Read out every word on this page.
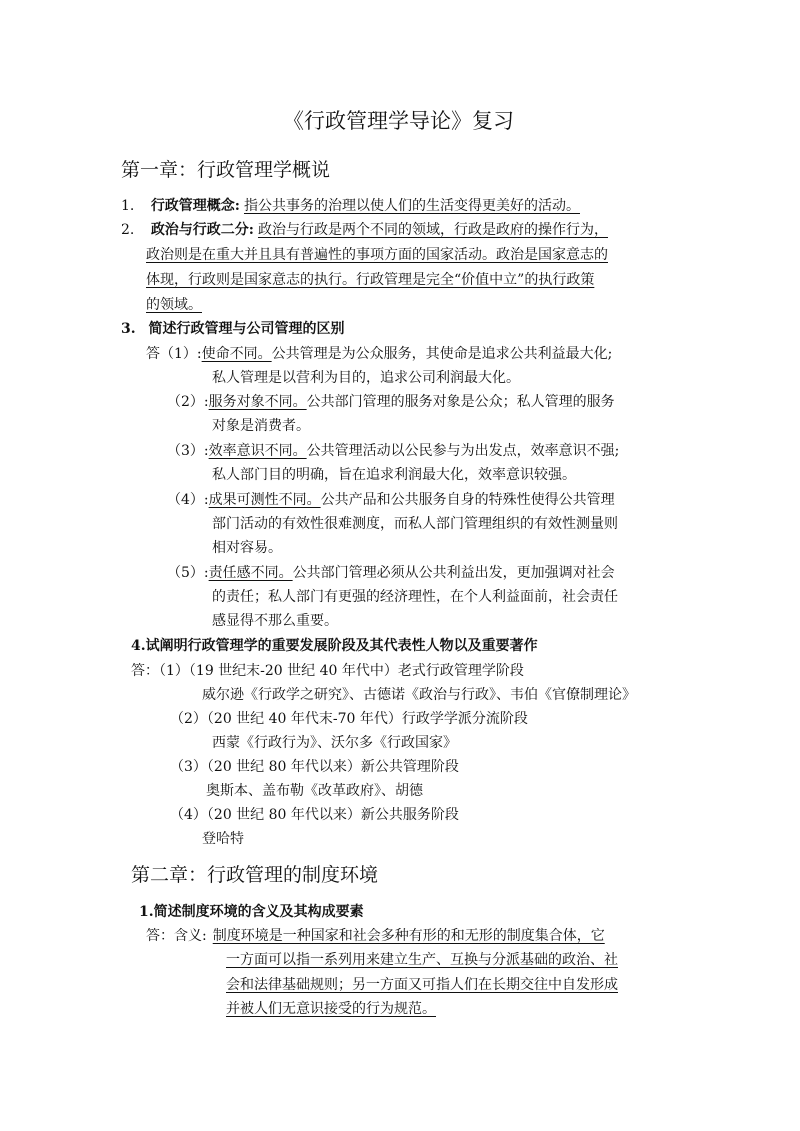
《行政管理学导论》复习
第一章：行政管理学概说
1. 行政管理概念: 指公共事务的治理以使人们的生活变得更美好的活动。
2. 政治与行政二分: 政治与行政是两个不同的领域，行政是政府的操作行为，
政治则是在重大并且具有普遍性的事项方面的国家活动。政治是国家意志的
体现，行政则是国家意志的执行。行政管理是完全“价值中立”的执行政策
的领域。
3. 简述行政管理与公司管理的区别
答（1）:使命不同。公共管理是为公众服务，其使命是追求公共利益最大化;
私人管理是以营利为目的，追求公司利润最大化。
（2）:服务对象不同。公共部门管理的服务对象是公众；私人管理的服务
对象是消费者。
（3）:效率意识不同。公共管理活动以公民参与为出发点，效率意识不强;
私人部门目的明确，旨在追求利润最大化，效率意识较强。
（4）:成果可测性不同。公共产品和公共服务自身的特殊性使得公共管理
部门活动的有效性很难测度，而私人部门管理组织的有效性测量则
相对容易。
（5）:责任感不同。公共部门管理必须从公共利益出发，更加强调对社会
的责任；私人部门有更强的经济理性，在个人利益面前，社会责任
感显得不那么重要。
4.试阐明行政管理学的重要发展阶段及其代表性人物以及重要著作
答：（1）（19 世纪末-20 世纪 40 年代中）老式行政管理学阶段
威尔逊《行政学之研究》、古德诺《政治与行政》、韦伯《官僚制理论》
（2）（20 世纪 40 年代末-70 年代）行政学学派分流阶段
西蒙《行政行为》、沃尔多《行政国家》
（3）（20 世纪 80 年代以来）新公共管理阶段
奥斯本、盖布勒《改革政府》、胡德
（4）（20 世纪 80 年代以来）新公共服务阶段
登哈特
第二章：行政管理的制度环境
1.简述制度环境的含义及其构成要素
答：含义: 制度环境是一种国家和社会多种有形的和无形的制度集合体，它
一方面可以指一系列用来建立生产、互换与分派基础的政治、社
会和法律基础规则；另一方面又可指人们在长期交往中自发形成
并被人们无意识接受的行为规范。
